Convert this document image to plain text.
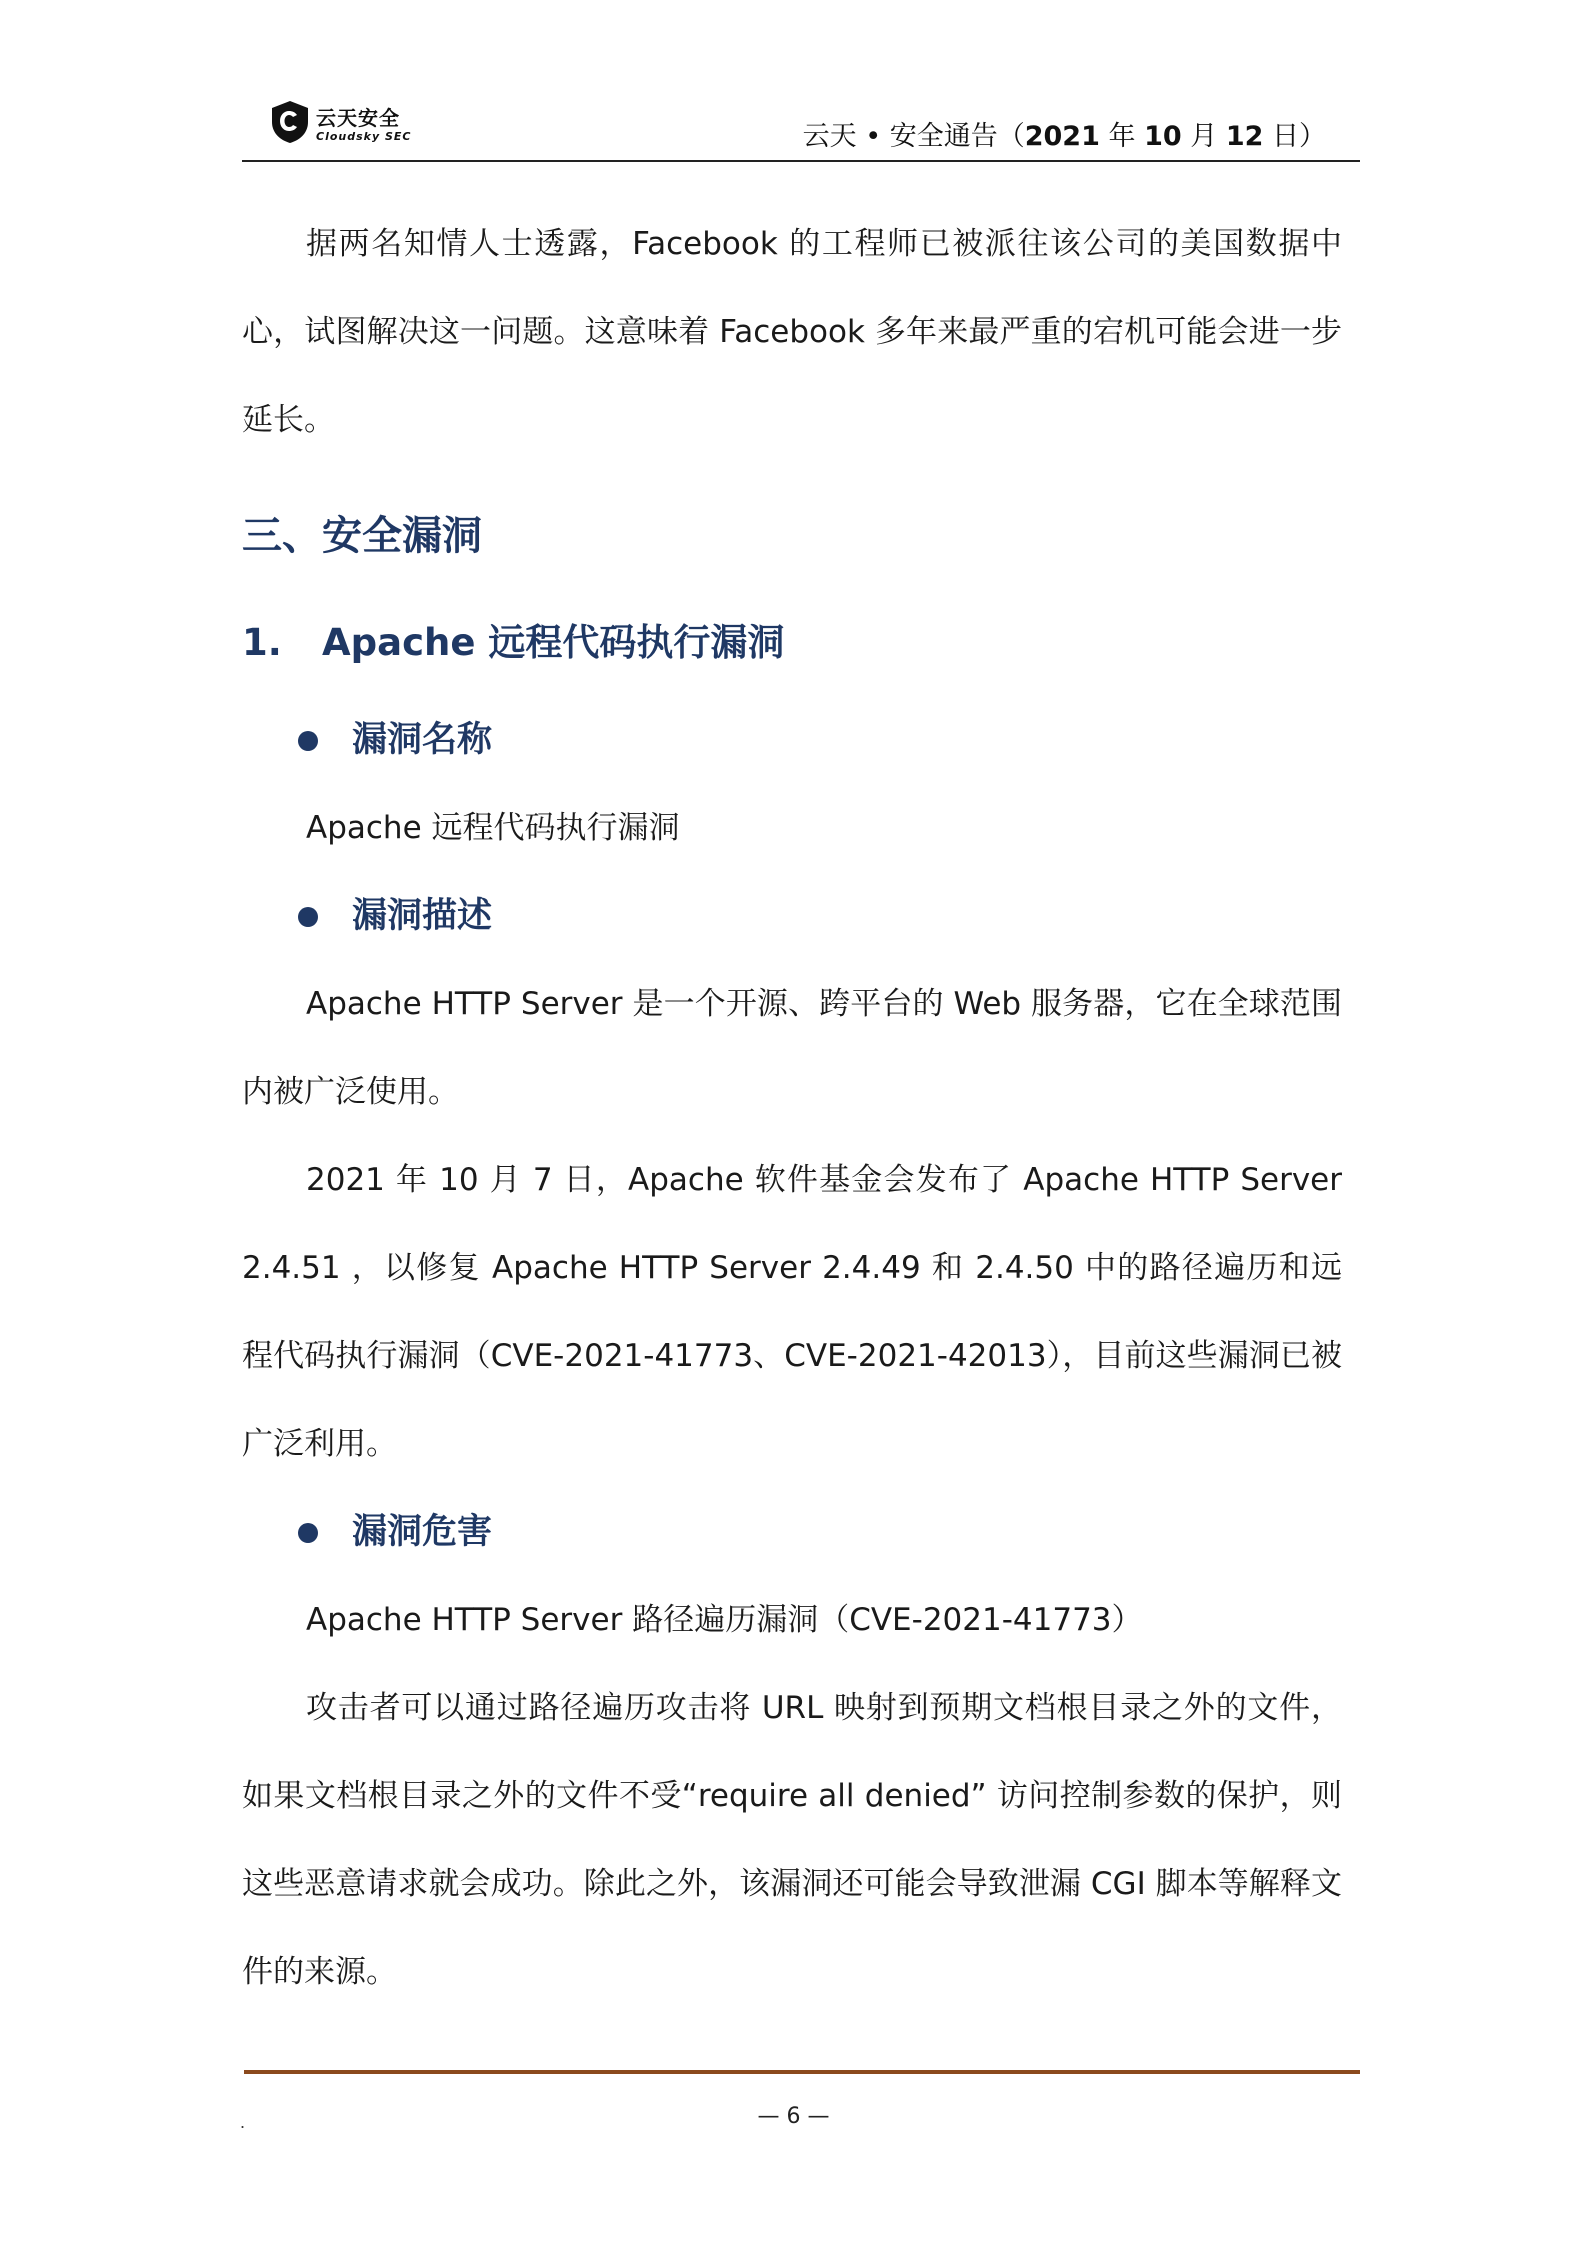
云天安全
Cloudsky SEC	云天 • 安全通告（2021 年 10 月 12 日）

据两名知情人士透露，Facebook 的工程师已被派往该公司的美国数据中心，试图解决这一问题。这意味着 Facebook 多年来最严重的宕机可能会进一步延长。

三、安全漏洞
1. Apache 远程代码执行漏洞
漏洞名称

Apache 远程代码执行漏洞

漏洞描述

Apache HTTP Server 是一个开源、跨平台的 Web 服务器，它在全球范围内被广泛使用。

2021 年 10 月 7 日，Apache 软件基金会发布了 Apache HTTP Server 2.4.51 ，以修复 Apache HTTP Server 2.4.49 和 2.4.50 中的路径遍历和远程代码执行漏洞（CVE-2021-41773、CVE-2021-42013），目前这些漏洞已被广泛利用。

漏洞危害

Apache HTTP Server 路径遍历漏洞（CVE-2021-41773）

攻击者可以通过路径遍历攻击将 URL 映射到预期文档根目录之外的文件，如果文档根目录之外的文件不受“require all denied” 访问控制参数的保护，则这些恶意请求就会成功。除此之外，该漏洞还可能会导致泄漏 CGI 脚本等解释文件的来源。

.	— 6 —
